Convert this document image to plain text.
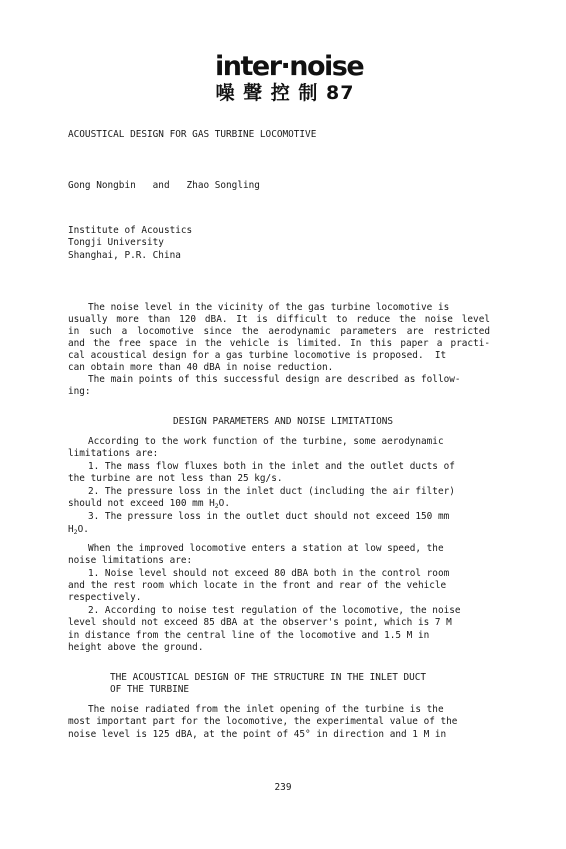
inter·noise
噪 聲 控 制 87
ACOUSTICAL DESIGN FOR GAS TURBINE LOCOMOTIVE
Gong Nongbin   and   Zhao Songling
Institute of Acoustics
Tongji University
Shanghai, P.R. China
The noise level in the vicinity of the gas turbine locomotive is
usually more than 120 dBA. It is difficult to reduce the noise level
in such a locomotive since the aerodynamic parameters are restricted
and the free space in the vehicle is limited. In this paper a practi-
cal acoustical design for a gas turbine locomotive is proposed.  It
can obtain more than 40 dBA in noise reduction.
The main points of this successful design are described as follow-
ing:
DESIGN PARAMETERS AND NOISE LIMITATIONS
According to the work function of the turbine, some aerodynamic
limitations are:
1. The mass flow fluxes both in the inlet and the outlet ducts of
the turbine are not less than 25 kg/s.
2. The pressure loss in the inlet duct (including the air filter)
should not exceed 100 mm $H_2O$.
3. The pressure loss in the outlet duct should not exceed 150 mm
$H_2O$.
When the improved locomotive enters a station at low speed, the
noise limitations are:
1. Noise level should not exceed 80 dBA both in the control room
and the rest room which locate in the front and rear of the vehicle
respectively.
2. According to noise test regulation of the locomotive, the noise
level should not exceed 85 dBA at the observer's point, which is 7 M
in distance from the central line of the locomotive and 1.5 M in
height above the ground.
THE ACOUSTICAL DESIGN OF THE STRUCTURE IN THE INLET DUCT
OF THE TURBINE
The noise radiated from the inlet opening of the turbine is the
most important part for the locomotive, the experimental value of the
noise level is 125 dBA, at the point of 45° in direction and 1 M in
239
